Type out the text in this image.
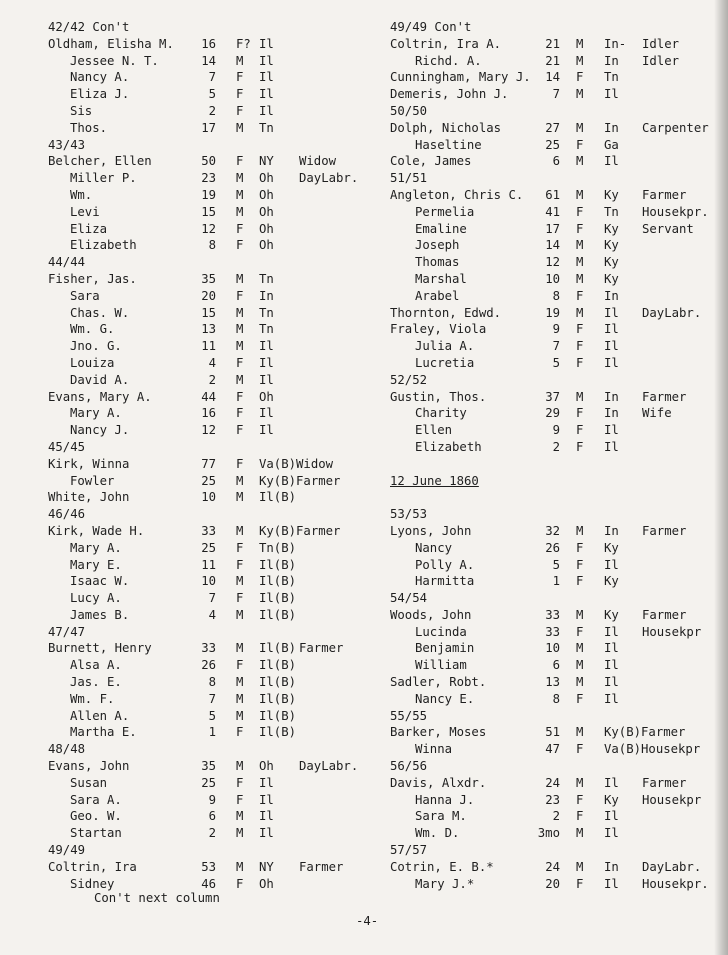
42/42 Con't
Oldham, Elisha M. 16 F? Il
Jessee N. T.	14 M Il
Nancy A.	7 F Il
Eliza J.	5 F Il
Sis	2 F Il
Thos.	17 M Tn
43/43
Belcher, Ellen	50 F NY Widow
Miller P.	23 M Oh DayLabr.
Wm.	19 M Oh
Levi	15 M Oh
Eliza	12 F Oh
Elizabeth	8 F Oh
44/44
Fisher, Jas.	35 M Tn
Sara	20 F In
Chas. W.	15 M Tn
Wm. G.	13 M Tn
Jno. G.	11 M Il
Louiza	4 F Il
David A.	2 M Il
Evans, Mary A.	44 F Oh
Mary A.	16 F Il
Nancy J.	12 F Il
45/45
Kirk, Winna	77 F Va(B)Widow
Fowler	25 M Ky(B)Farmer
White, John	10 M Il(B)
46/46
Kirk, Wade H.	33 M Ky(B)Farmer
Mary A.	25 F Tn(B)
Mary E.	11 F Il(B)
Isaac W.	10 M Il(B)
Lucy A.	7 F Il(B)
James B.	4 M Il(B)
47/47
Burnett, Henry	33 M Il(B) Farmer
Alsa A.	26 F Il(B)
Jas. E.	8 M Il(B)
Wm. F.	7 M Il(B)
Allen A.	5 M Il(B)
Martha E.	1 F Il(B)
48/48
Evans, John	35 M Oh DayLabr.
Susan	25 F Il
Sara A.	9 F Il
Geo. W.	6 M Il
Startan	2 M Il
49/49
Coltrin, Ira	53 M NY Farmer
Sidney	46 F Oh
49/49 Con't
Coltrin, Ira A.	21 M In- Idler
Richd. A.	21 M In Idler
Cunningham, Mary J. 14 F Tn
Demeris, John J.	7 M Il
50/50
Dolph, Nicholas	27 M In Carpenter
Haseltine	25 F Ga
Cole, James	6 M Il
51/51
Angleton, Chris C. 61 M Ky Farmer
Permelia	41 F Tn Housekpr.
Emaline	17 F Ky Servant
Joseph	14 M Ky
Thomas	12 M Ky
Marshal	10 M Ky
Arabel	8 F In
Thornton, Edwd.	19 M Il DayLabr.
Fraley, Viola	9 F Il
Julia A.	7 F Il
Lucretia	5 F Il
52/52
Gustin, Thos.	37 M In Farmer
Charity	29 F In Wife
Ellen	9 F Il
Elizabeth	2 F Il
12 June 1860
53/53
Lyons, John	32 M In Farmer
Nancy	26 F Ky
Polly A.	5 F Il
Harmitta	1 F Ky
54/54
Woods, John	33 M Ky Farmer
Lucinda	33 F Il Housekpr
Benjamin	10 M Il
William	6 M Il
Sadler, Robt.	13 M Il
Nancy E.	8 F Il
55/55
Barker, Moses	51 M Ky(B)Farmer
Winna	47 F Va(B)Housekpr
56/56
Davis, Alxdr.	24 M Il Farmer
Hanna J.	23 F Ky Housekpr
Sara M.	2 F Il
Wm. D.	3mo M Il
57/57
Cotrin, E. B.*	24 M In DayLabr.
Mary J.*	20 F Il Housekpr.
Con't next column
-4-
